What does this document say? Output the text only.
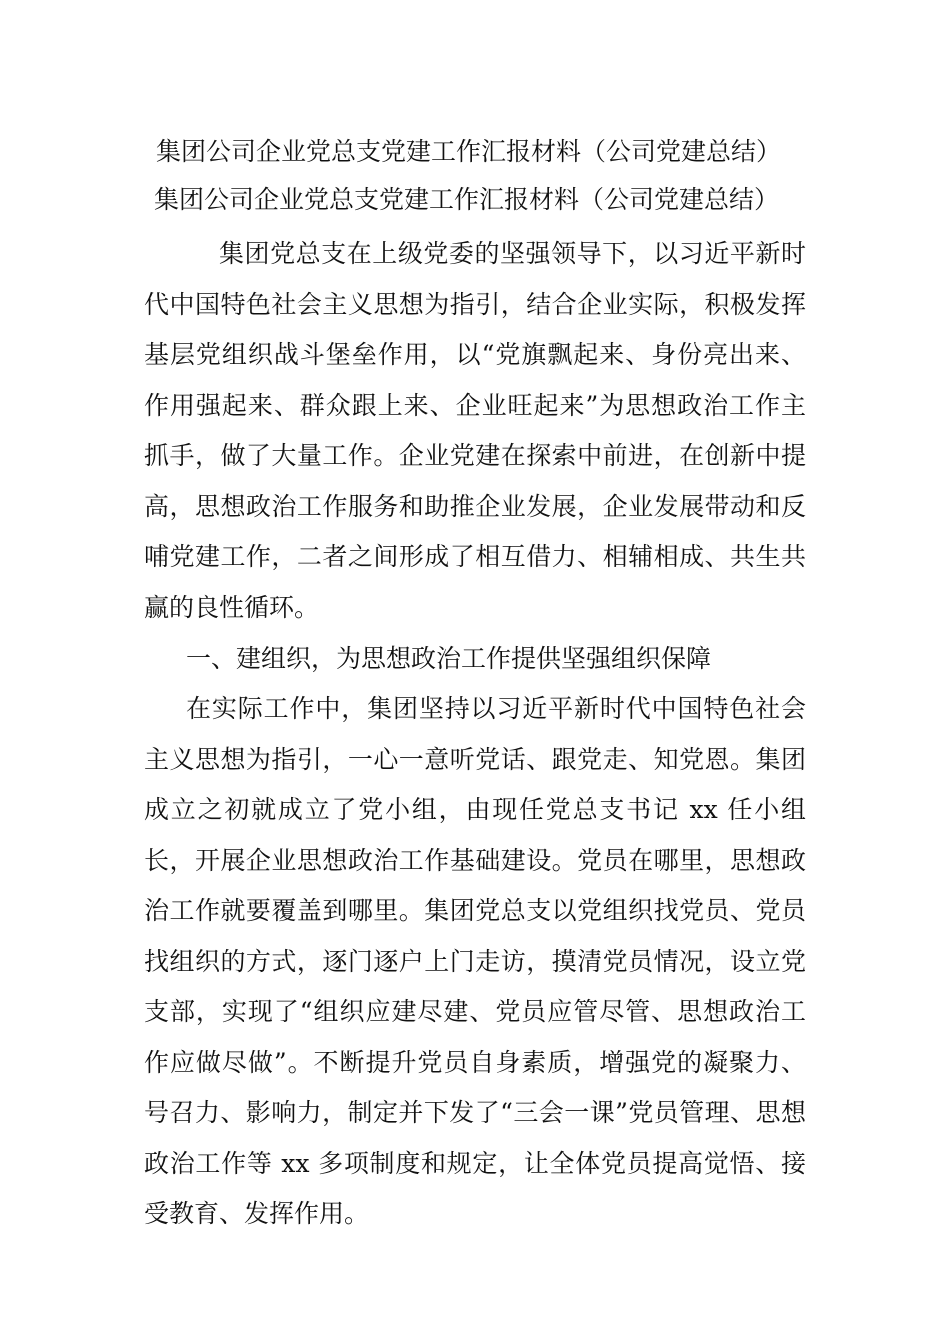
集团公司企业党总支党建工作汇报材料（公司党建总结）
集团公司企业党总支党建工作汇报材料（公司党建总结）

集团党总支在上级党委的坚强领导下，以习近平新时代中国特色社会主义思想为指引，结合企业实际，积极发挥基层党组织战斗堡垒作用，以“党旗飘起来、身份亮出来、作用强起来、群众跟上来、企业旺起来”为思想政治工作主抓手，做了大量工作。企业党建在探索中前进，在创新中提高，思想政治工作服务和助推企业发展，企业发展带动和反哺党建工作，二者之间形成了相互借力、相辅相成、共生共赢的良性循环。

一、建组织，为思想政治工作提供坚强组织保障

在实际工作中，集团坚持以习近平新时代中国特色社会主义思想为指引，一心一意听党话、跟党走、知党恩。集团成立之初就成立了党小组，由现任党总支书记 xx 任小组长，开展企业思想政治工作基础建设。党员在哪里，思想政治工作就要覆盖到哪里。集团党总支以党组织找党员、党员找组织的方式，逐门逐户上门走访，摸清党员情况，设立党支部，实现了“组织应建尽建、党员应管尽管、思想政治工作应做尽做”。不断提升党员自身素质，增强党的凝聚力、号召力、影响力，制定并下发了“三会一课”党员管理、思想政治工作等 xx 多项制度和规定，让全体党员提高觉悟、接受教育、发挥作用。
